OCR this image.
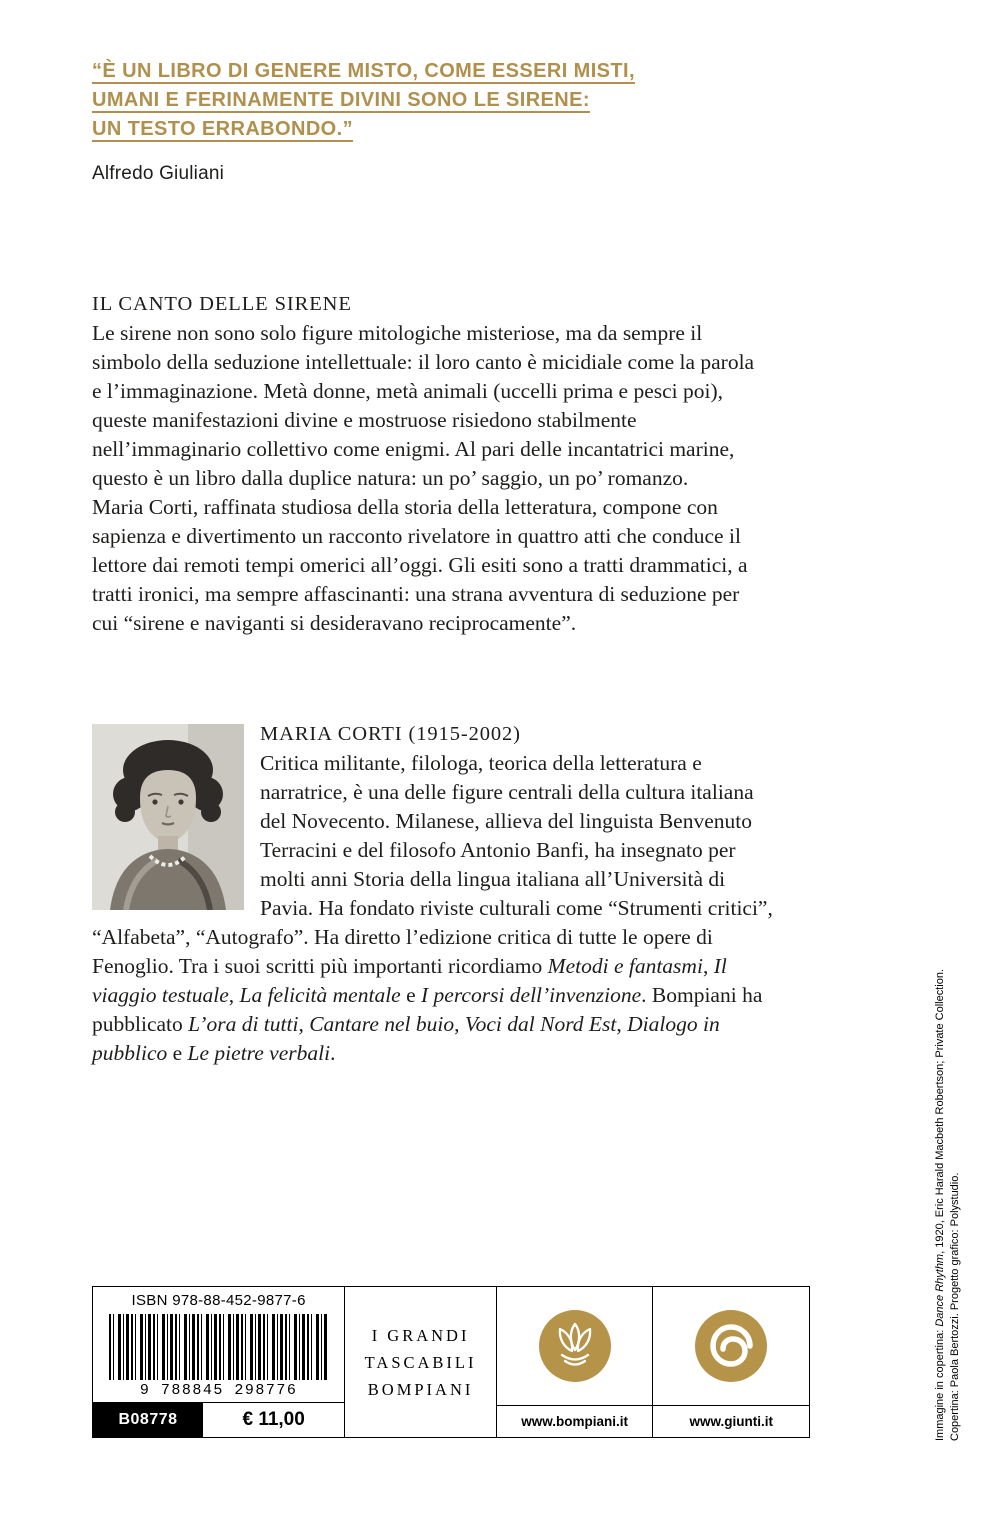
“È UN LIBRO DI GENERE MISTO, COME ESSERI MISTI,
UMANI E FERINAMENTE DIVINI SONO LE SIRENE:
UN TESTO ERRABONDO.”
Alfredo Giuliani
IL CANTO DELLE SIRENE

Le sirene non sono solo figure mitologiche misteriose, ma da sempre il simbolo della seduzione intellettuale: il loro canto è micidiale come la parola e l’immaginazione. Metà donne, metà animali (uccelli prima e pesci poi), queste manifestazioni divine e mostruose risiedono stabilmente nell’immaginario collettivo come enigmi. Al pari delle incantatrici marine, questo è un libro dalla duplice natura: un po’ saggio, un po’ romanzo.

Maria Corti, raffinata studiosa della storia della letteratura, compone con sapienza e divertimento un racconto rivelatore in quattro atti che conduce il lettore dai remoti tempi omerici all’oggi. Gli esiti sono a tratti drammatici, a tratti ironici, ma sempre affascinanti: una strana avventura di seduzione per cui “sirene e naviganti si desideravano reciprocamente”.

MARIA CORTI (1915-2002)

Critica militante, filologa, teorica della letteratura e narratrice, è una delle figure centrali della cultura italiana del Novecento. Milanese, allieva del linguista Benvenuto Terracini e del filosofo Antonio Banfi, ha insegnato per molti anni Storia della lingua italiana all’Università di Pavia. Ha fondato riviste culturali come “Strumenti critici”, “Alfabeta”, “Autografo”. Ha diretto l’edizione critica di tutte le opere di Fenoglio. Tra i suoi scritti più importanti ricordiamo Metodi e fantasmi, Il viaggio testuale, La felicità mentale e I percorsi dell’invenzione. Bompiani ha pubblicato L’ora di tutti, Cantare nel buio, Voci dal Nord Est, Dialogo in pubblico e Le pietre verbali.

ISBN 978-88-452-9877-6
9 788845 298776
B08778	€ 11,00
I GRANDI
TASCABILI
BOMPIANI
www.bompiani.it	www.giunti.it	Immagine in copertina: Dance Rhythm, 1920, Eric Harald Macbeth Robertson; Private Collection.
Copertina: Paola Bertozzi. Progetto grafico: Polystudio.
